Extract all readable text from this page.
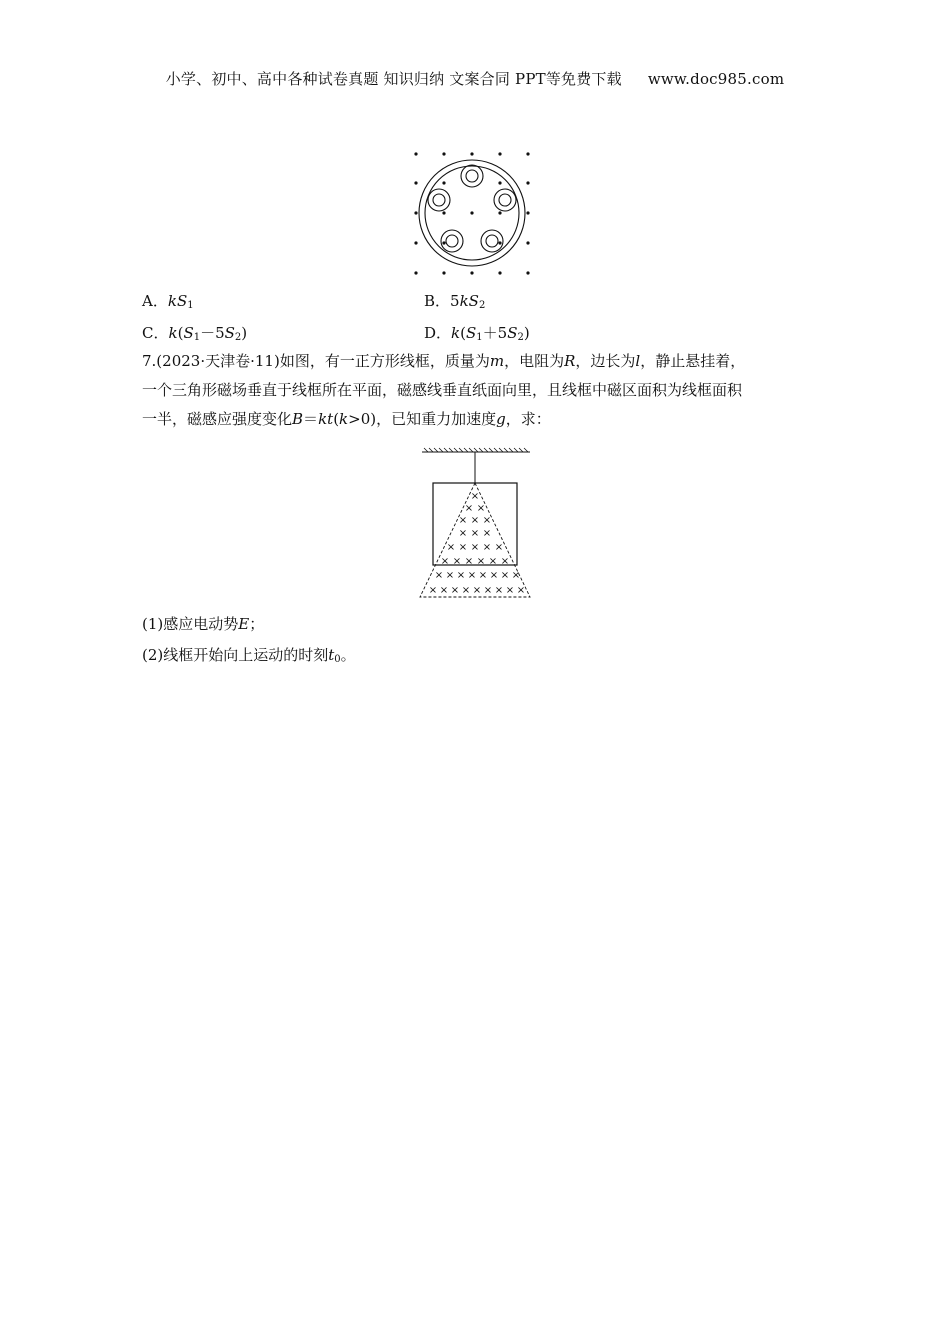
小学、初中、高中各种试卷真题 知识归纳 文案合同 PPT等免费下载 www.doc985.com
A．$kS_1$	B．$5kS_2$
C．$k(S_1-5S_2)$	D．$k(S_1+5S_2)$
7.(2023·天津卷·11)如图，有一正方形线框，质量为m，电阻为R，边长为l，静止悬挂着，
一个三角形磁场垂直于线框所在平面，磁感线垂直纸面向里，且线框中磁区面积为线框面积
一半，磁感应强度变化B＝kt(k>0)，已知重力加速度g，求：
×
× ×
× × ×
× × ×
× × × × ×
× × × × × ×
× × × × × × × ×
× × × × × × × × ×
(1)感应电动势E；
(2)线框开始向上运动的时刻$t_0$。
